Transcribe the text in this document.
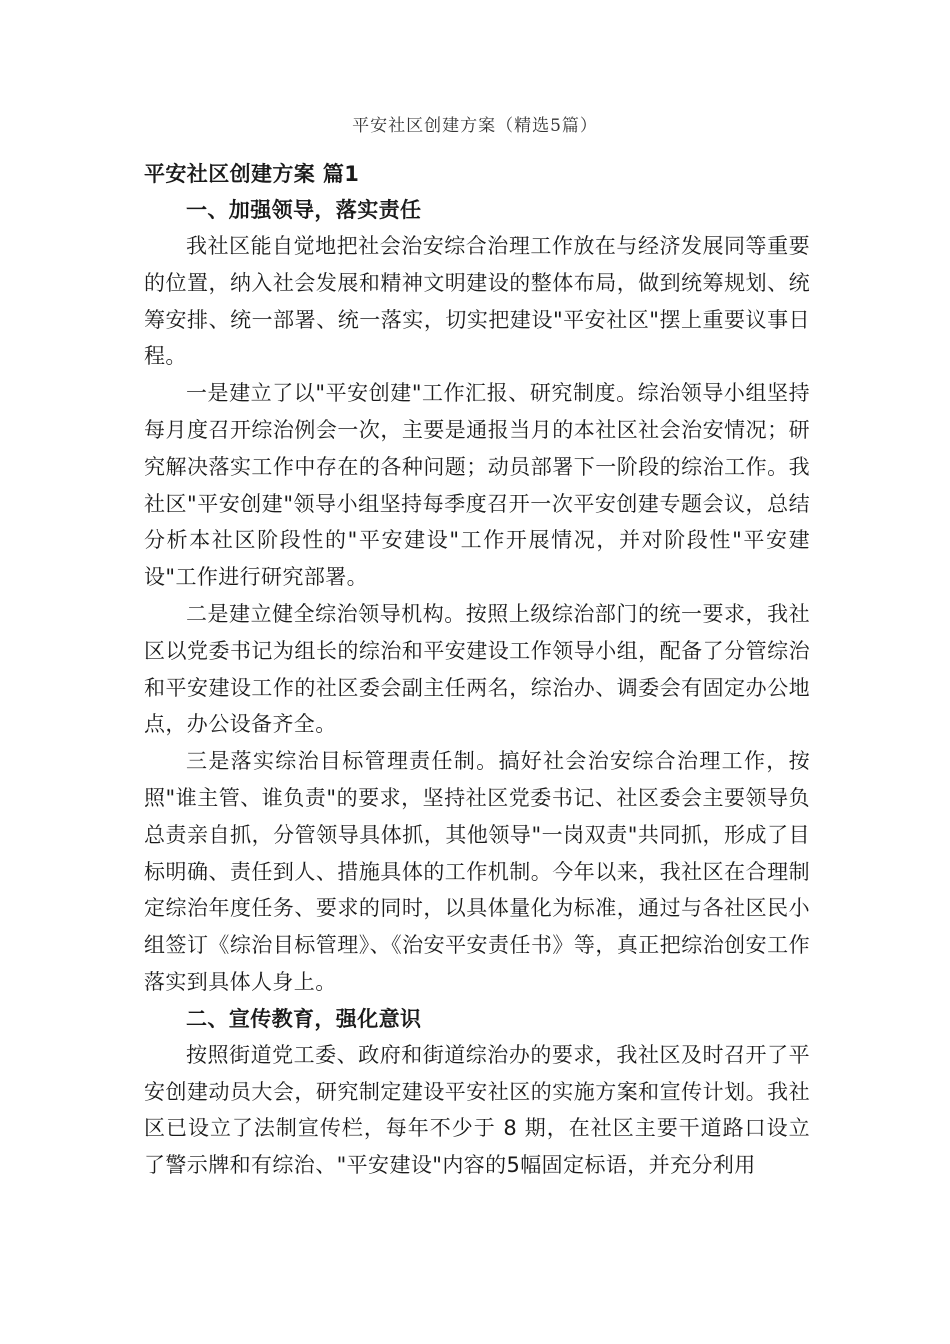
平安社区创建方案（精选5篇）

平安社区创建方案 篇1

一、加强领导，落实责任

我社区能自觉地把社会治安综合治理工作放在与经济发展同等重要的位置，纳入社会发展和精神文明建设的整体布局，做到统筹规划、统筹安排、统一部署、统一落实，切实把建设"平安社区"摆上重要议事日程。

一是建立了以"平安创建"工作汇报、研究制度。综治领导小组坚持每月度召开综治例会一次，主要是通报当月的本社区社会治安情况；研究解决落实工作中存在的各种问题；动员部署下一阶段的综治工作。我社区"平安创建"领导小组坚持每季度召开一次平安创建专题会议，总结分析本社区阶段性的"平安建设"工作开展情况，并对阶段性"平安建设"工作进行研究部署。

二是建立健全综治领导机构。按照上级综治部门的统一要求，我社区以党委书记为组长的综治和平安建设工作领导小组，配备了分管综治和平安建设工作的社区委会副主任两名，综治办、调委会有固定办公地点，办公设备齐全。

三是落实综治目标管理责任制。搞好社会治安综合治理工作，按照"谁主管、谁负责"的要求，坚持社区党委书记、社区委会主要领导负总责亲自抓，分管领导具体抓，其他领导"一岗双责"共同抓，形成了目标明确、责任到人、措施具体的工作机制。今年以来，我社区在合理制定综治年度任务、要求的同时，以具体量化为标准，通过与各社区民小组签订《综治目标管理》、《治安平安责任书》等，真正把综治创安工作落实到具体人身上。

二、宣传教育，强化意识

按照街道党工委、政府和街道综治办的要求，我社区及时召开了平安创建动员大会，研究制定建设平安社区的实施方案和宣传计划。我社区已设立了法制宣传栏，每年不少于 8 期，在社区主要干道路口设立了警示牌和有综治、"平安建设"内容的5幅固定标语，并充分利用
